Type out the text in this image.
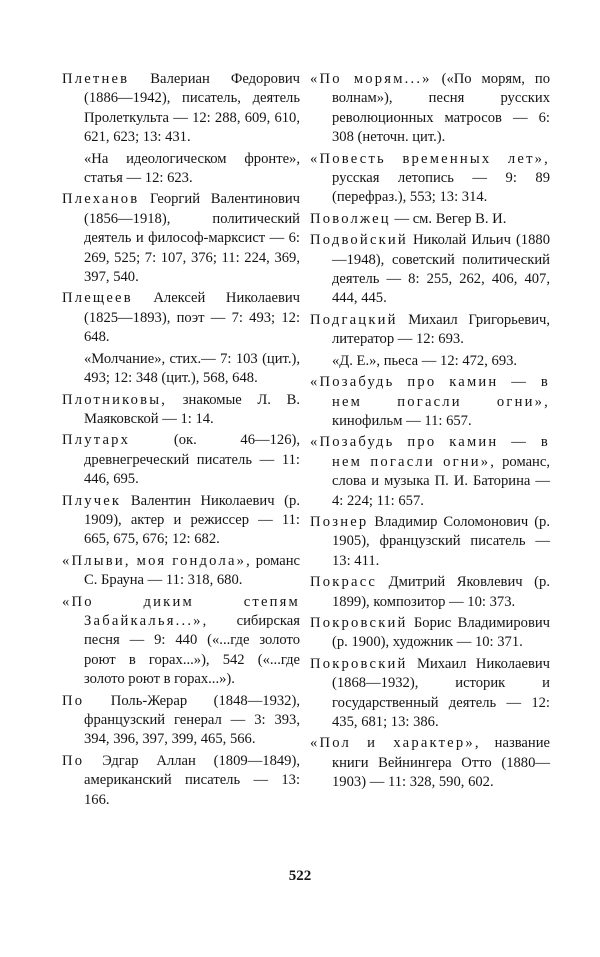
Плетнев Валериан Федорович (1886—1942), писатель, деятель Пролеткульта — 12: 288, 609, 610, 621, 623; 13: 431.

«На идеологическом фронте», статья — 12: 623.

Плеханов Георгий Валентинович (1856—1918), политический деятель и философ-марксист — 6: 269, 525; 7: 107, 376; 11: 224, 369, 397, 540.

Плещеев Алексей Николаевич (1825—1893), поэт — 7: 493; 12: 648.

«Молчание», стих.— 7: 103 (цит.), 493; 12: 348 (цит.), 568, 648.

Плотниковы, знакомые Л. В. Маяковской — 1: 14.

Плутарх (ок. 46—126), древнегреческий писатель — 11: 446, 695.

Плучек Валентин Николаевич (р. 1909), актер и режиссер — 11: 665, 675, 676; 12: 682.

«Плыви, моя гондола», романс С. Брауна — 11: 318, 680.

«По диким степям Забайкалья...», сибирская песня — 9: 440 («...где золото роют в горах...»), 542 («...где золото роют в горах...»).

По Поль-Жерар (1848—1932), французский генерал — 3: 393, 394, 396, 397, 399, 465, 566.

По Эдгар Аллан (1809—1849), американский писатель — 13: 166.

«По морям...» («По морям, по волнам»), песня русских революционных матросов — 6: 308 (неточн. цит.).

«Повесть временных лет», русская летопись — 9: 89 (перефраз.), 553; 13: 314.

Поволжец — см. Вегер В. И.

Подвойский Николай Ильич (1880—1948), советский политический деятель — 8: 255, 262, 406, 407, 444, 445.

Подгацкий Михаил Григорьевич, литератор — 12: 693.

«Д. Е.», пьеса — 12: 472, 693.

«Позабудь про камин — в нем погасли огни», кинофильм — 11: 657.

«Позабудь про камин — в нем погасли огни», романс, слова и музыка П. И. Баторина — 4: 224; 11: 657.

Познер Владимир Соломонович (р. 1905), французский писатель — 13: 411.

Покрасс Дмитрий Яковлевич (р. 1899), композитор — 10: 373.

Покровский Борис Владимирович (р. 1900), художник — 10: 371.

Покровский Михаил Николаевич (1868—1932), историк и государственный деятель — 12: 435, 681; 13: 386.

«Пол и характер», название книги Вейнингера Отто (1880—1903) — 11: 328, 590, 602.

522
